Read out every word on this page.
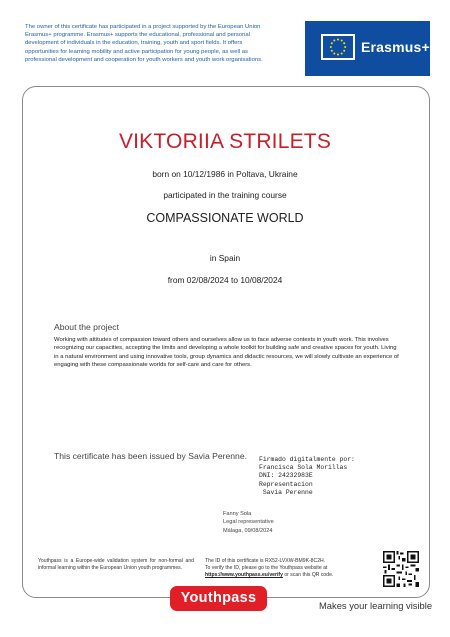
The owner of this certificate has participated in a project supported by the European Union Erasmus+ programme. Erasmus+ supports the educational, professional and personal development of individuals in the education, training, youth and sport fields. It offers opportunities for learning mobility and active participation for young people, as well as professional development and cooperation for youth workers and youth work organisations.
Erasmus+
VIKTORIIA STRILETS
born on 10/12/1986 in Poltava, Ukraine
participated in the training course
COMPASSIONATE WORLD
in Spain
from 02/08/2024 to 10/08/2024
About the project
Working with attitudes of compassion toward others and ourselves allow us to face adverse contexts in youth work. This involves recognizing our capacities, accepting the limits and developing a whole toolkit for building safe and creative spaces for youth. Living in a natural environment and using innovative tools, group dynamics and didactic resources, we will slowly cultivate an experience of engaging with these compassionate worlds for self-care and care for others.
This certificate has been issued by Savia Perenne. Firmado digitalmente por:
Francisca Sola Morillas
DNI: 24232983E
Representacion
Savia Perenne
Fanny Sola
Legal representative
Málaga, 09/08/2024
Youthpass is a Europe-wide validation system for non-formal and informal learning within the European Union youth programmes.
The ID of this certificate is RX52-LVXW-BM9K-8C2H.
To verify the ID, please go to the Youthpass website at
https://www.youthpass.eu/verify or scan this QR code.
Youthpass	Makes your learning visible
